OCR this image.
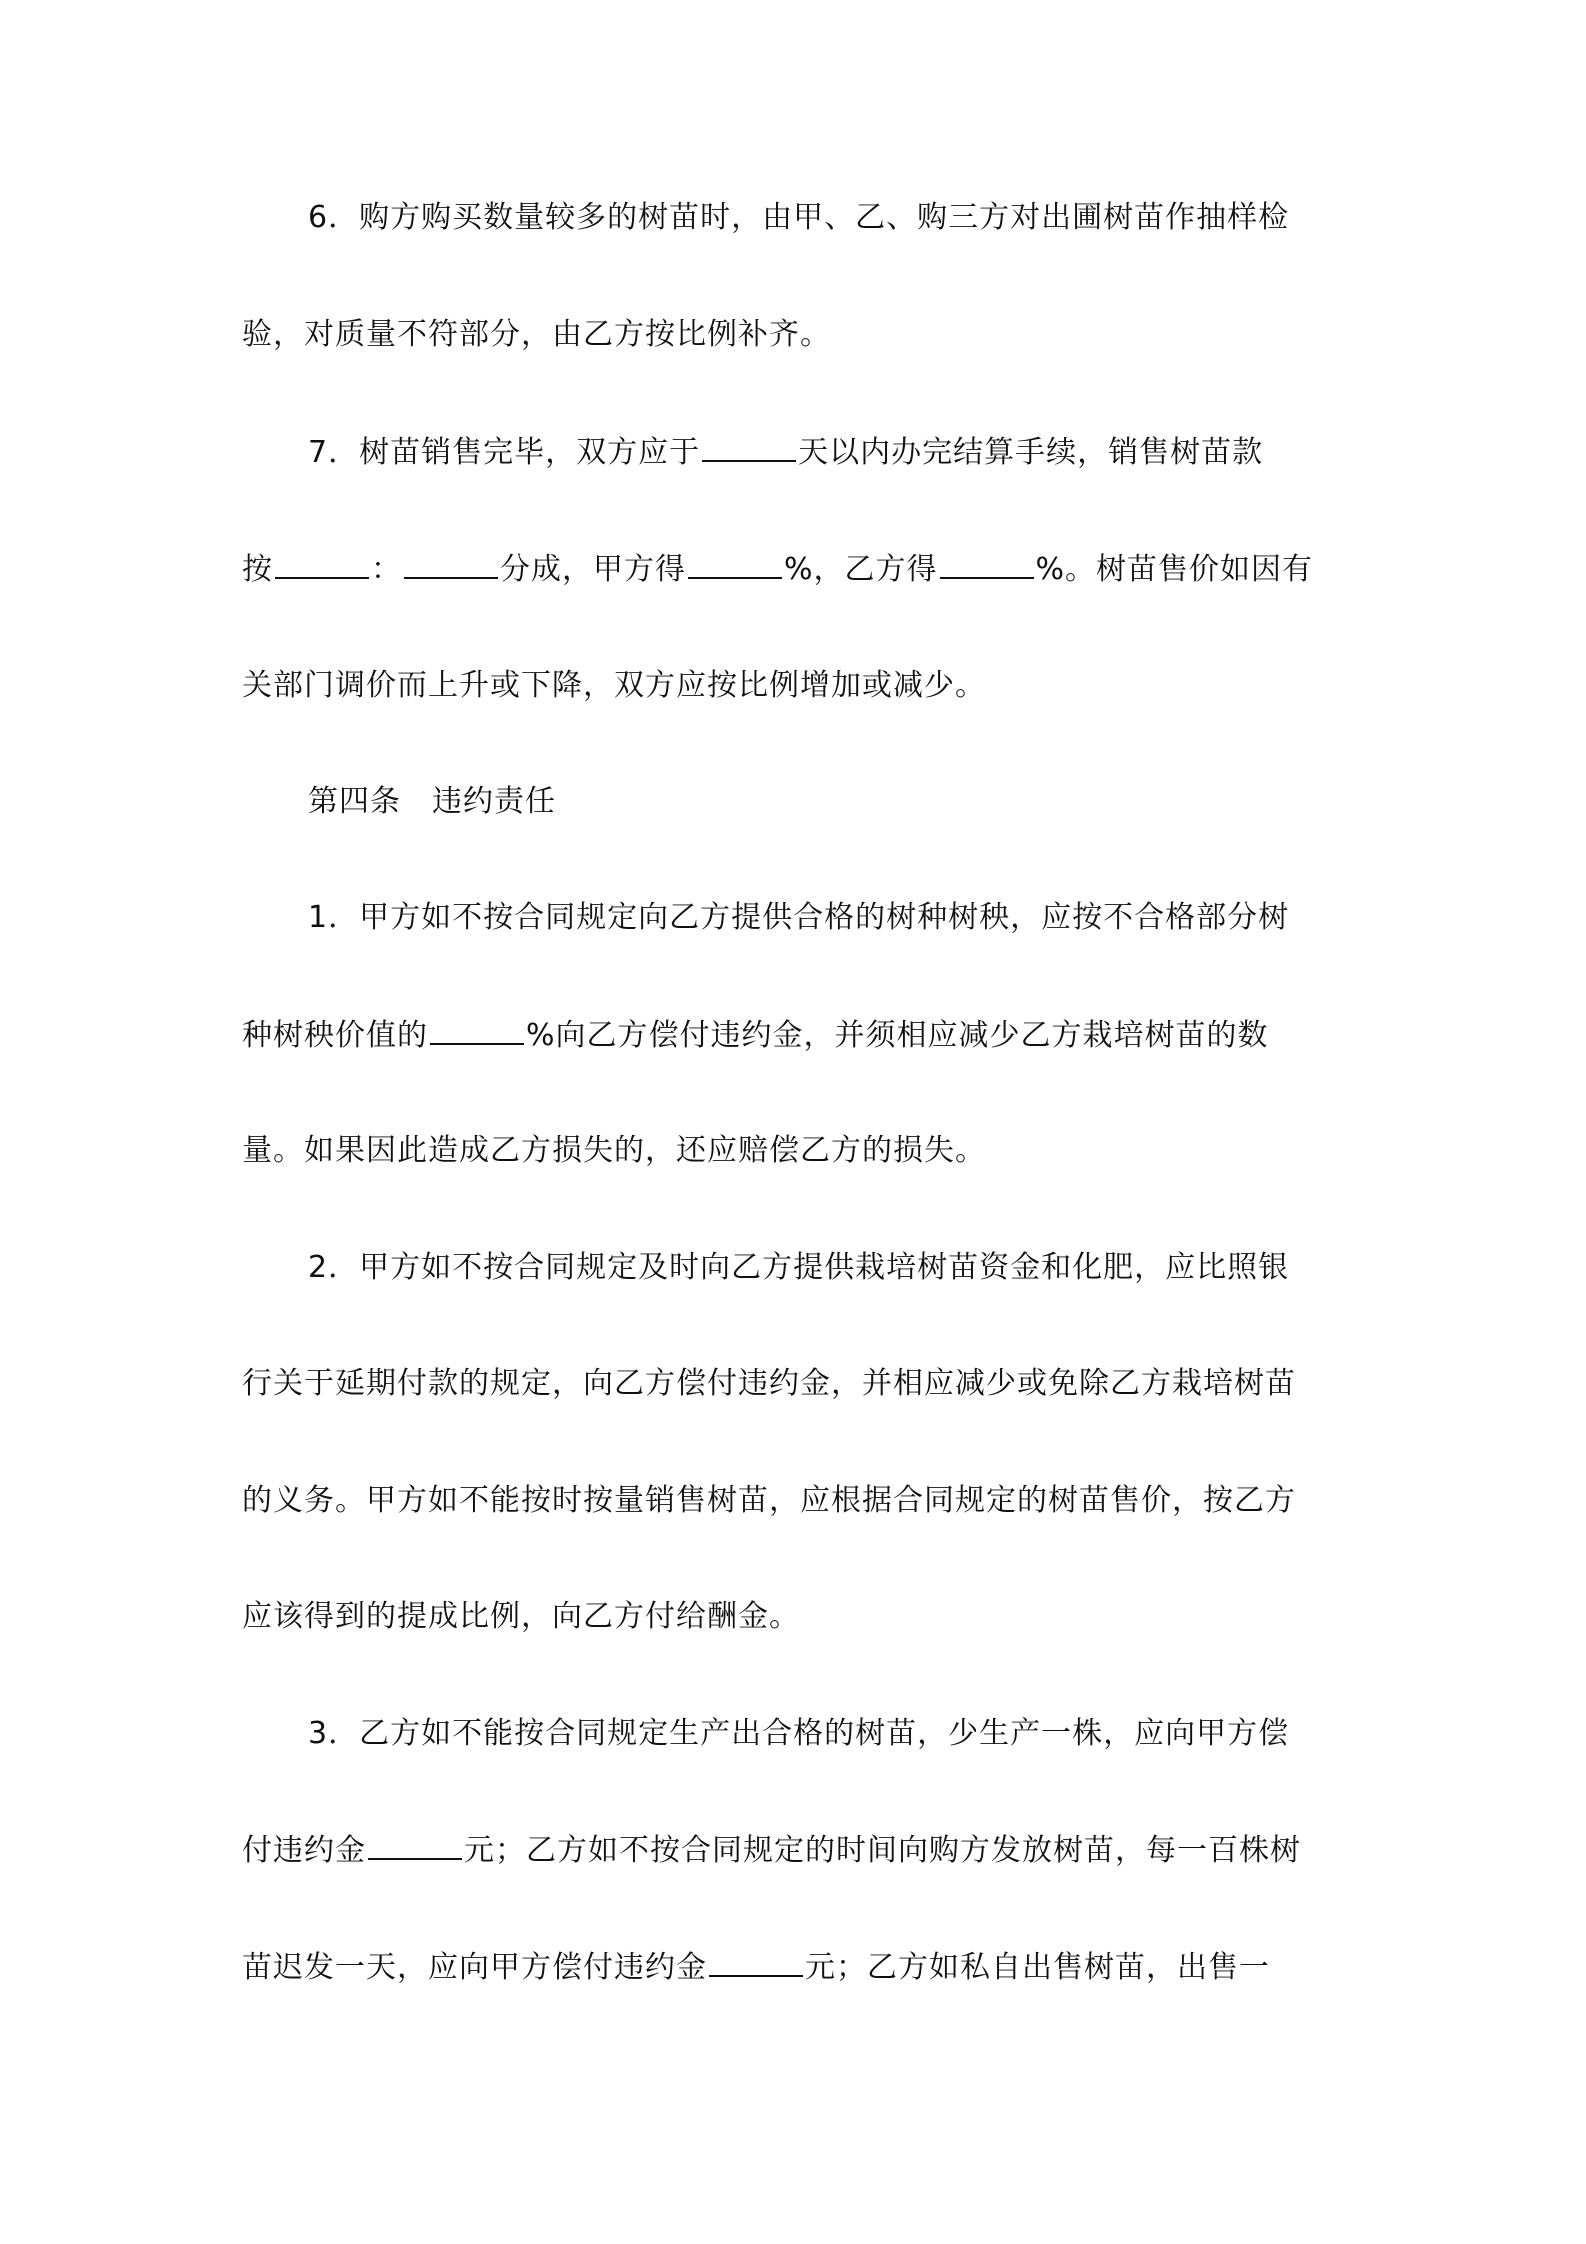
6．购方购买数量较多的树苗时，由甲、乙、购三方对出圃树苗作抽样检
验，对质量不符部分，由乙方按比例补齐。
7．树苗销售完毕，双方应于	天以内办完结算手续，销售树苗款
按	：	分成，甲方得	%，乙方得	%。树苗售价如因有
关部门调价而上升或下降，双方应按比例增加或减少。
第四条　违约责任
1．甲方如不按合同规定向乙方提供合格的树种树秧，应按不合格部分树
种树秧价值的	%向乙方偿付违约金，并须相应减少乙方栽培树苗的数
量。如果因此造成乙方损失的，还应赔偿乙方的损失。
2．甲方如不按合同规定及时向乙方提供栽培树苗资金和化肥，应比照银
行关于延期付款的规定，向乙方偿付违约金，并相应减少或免除乙方栽培树苗
的义务。甲方如不能按时按量销售树苗，应根据合同规定的树苗售价，按乙方
应该得到的提成比例，向乙方付给酬金。
3．乙方如不能按合同规定生产出合格的树苗，少生产一株，应向甲方偿
付违约金	元；乙方如不按合同规定的时间向购方发放树苗，每一百株树
苗迟发一天，应向甲方偿付违约金	元；乙方如私自出售树苗，出售一
